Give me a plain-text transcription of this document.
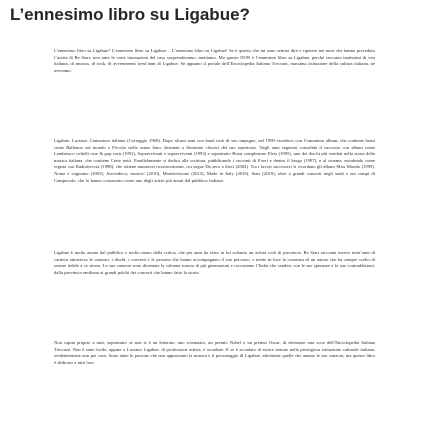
L’ennesimo libro su Ligabue?

L’ennesimo libro su Ligabue? L’ennesimo libro su Ligabue… L’ennesimo libro su Ligabue! Se è questo che mi sono sentita dire e ripetere nei mesi che hanno preceduto l’uscita di Re Start, non tutte le varie intonazioni del caso sorprenderanno, mettiamo. Ma questo NON è l’ennesimo libro su Ligabue, perché racconta tantissimi di vita italiana, di musica, di rock, di avvenimenti trent’anni di Ligabue. Se appunto il portale dell’Enciclopedia Italiana Treccani, massima istituzione della cultura italiana, ne avevamo.

Ligabue, Luciano. Cantautore italiano (Correggio 1960). Dopo alcuni anni con band rock di suo impegno, nel 1990 esordisce con l’omonimo album, che contiene brani come Balliamo sul mondo e Piccola stella senza fiato, destinati a diventare classici del suo repertorio. Negli anni seguenti consolida il successo con album come Lambrusco coltelli rose & pop corn (1991), Sopravvissuti e sopravviventi (1993) e soprattutto Buon compleanno Elvis (1995), uno dei dischi più venduti nella storia della musica italiana, che contiene Certe notti. Parallelamente si dedica alla scrittura, pubblicando i racconti di Fuori e dentro il borgo (1997), e al cinema, esordendo come regista con Radiofreccia (1998), che ottiene numerosi riconoscimenti, cui segue Da zero a dieci (2002). Tra i lavori successivi si ricordano gli album Miss Mondo (1999), Nome e cognome (2005), Arrivederci, mostro! (2010), Mondovisione (2013), Made in Italy (2016), Start (2019), oltre a grandi concerti negli stadi e nei campi di Campovolo, che lo hanno consacrato come uno degli artisti più amati dal pubblico italiano.

Ligabue è molto amato dal pubblico e molto meno dalla critica, che per anni ha visto in lui soltanto un artista rock di provincia. Re Start racconta invece trent’anni di carriera attraverso le canzoni, i dischi, i concerti e le persone che hanno accompagnato il suo percorso, e mette in luce la coerenza di un autore che ha sempre scelto di restare fedele a se stesso. Le sue canzoni sono diventate la colonna sonora di più generazioni e raccontano l’Italia che cambia, con le sue speranze e le sue contraddizioni, dalla provincia emiliana ai grandi palchi dei concerti che hanno fatto la storia.

Non capita proprio a tutti, soprattutto se non si è un letterato, uno scienziato, un premio Nobel o un premio Oscar, di diventare una voce dell’Enciclopedia Italiana Treccani. Non è stato facile, eppure a Luciano Ligabue, di professione artista, è accaduto. E se è accaduto di essere entrato nella prestigiosa istituzione culturale italiana, evidentemente non per caso. Sono tante le persone che non apprezzano la musica e il personaggio di Ligabue, altrettante quelle che amano le sue canzoni, ma questo libro è dedicato a tutti loro.
